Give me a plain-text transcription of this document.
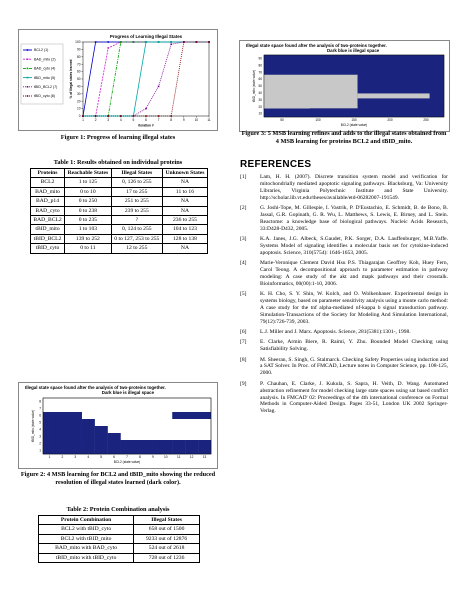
Progress of Learning Illegal States
0
10
20
30
40
50
60
70
80
90
100
1	2	3	4	5	6	7	8	9	10	11
Iteration #
% of Illegal states learned
BCL2 (1)
BAD_mito (2)
BAD_cyto (4)
tBID_mito (5)
tBID_BCL2 (7)
tBID_cyto (8)
Figure 1: Progress of learning illegal states
Table 1: Results obtained on individual proteins
Proteins	Reachable States	Illegal States	Unknown States
BCL2	1 to 125	0, 126 to 255	NA
BAD_mito	0 to 10	17 to 255	11 to 16
BAD_p14	0 to 250	251 to 255	NA
BAD_cyto	0 to 238	239 to 255	NA
BAD_BCL2	0 to 235	?	236 to 255
tBID_mito	1 to 103	0, 124 to 255	104 to 123
tBID_BCL2	139 to 252	0 to 127, 253 to 255	128 to 138
tBID_cyto	0 to 11	12 to 255	NA
Illegal state space found after the analysis of two-proteins together.
Dark blue is illegal space
1	2	3	4	5	6	7	8	9	10	11	12	13
1
2
3
4
5
6
7
8
BCL2 (state value)
tBID_mito (state value)
Figure 2: 4 MSB learning for BCL2 and tBID_mito showing the reduced resolution of illegal states learned (dark color).
Table 2: Protein Combination analysis
Protein Combination	Illegal States
BCL2 with tBID_cyto	658 out of 1500
BCL2 with tBID_mito	9233 out of 12876
BAD_mito with BAD_cyto	524 out of 2618
tBID_mito with tBID_cyto	728 out of 1236
Illegal state space found after the analysis of two-proteins together.
Dark blue is illegal space
50	100	150	200	250
10
20
30
40
50
60
70
80
90
BCL2 (state value)
tBID_mito (state value)
Figure 3: 5 MSB learning refines and adds to the illegal states obtained from 4 MSB learning for proteins BCL2 and tBID_mito.
REFERENCES
[1]	Lam, H. H. (2007). Discrete transition system model and verification for mitochondrially mediated apoptotic signaling pathways. Blacksburg, Va: University Libraries, Virginia Polytechnic Institute and State University. http://scholar.lib.vt.edu/theses/available/etd-06282007-191549.
[2]	G. Joshi-Tope, M. Gillespie, I. Vastrik, P. D'Eustachio, E. Schmidt, B. de Bono, B. Jassal, G.R. Gopinath, G. R. Wu, L. Matthews, S. Lewis, E. Birney, and L. Stein. Reactome: a knowledge base of biological pathways. Nucleic Acids Research, 33:D428-D432, 2005.
[3]	K.A. Janes, J.G. Albeck, S.Gaudet, P.K. Sorger, D.A. Lauffenburger, M.B.Yaffe. Systems Model of signaling identifies a molecular basis set for cytokine-induced apoptosis. Science, 310(5754): 1646-1653, 2005.
[4]	Marie-Veronique Clement David Hsu P.S. Thiagarajan Geoffrey Koh, Huey Fern, Carol Teong. A decompositional approach to parameter estimation in pathway modeling: A case study of the akt and mapk pathways and their crosstalk. Bioinformatics, 00(00):1-10, 2006.
[5]	K. H. Cho, S. Y. Shin, W. Kolch, and O. Wolkenhauer. Experimental design in systems biology, based on parameter sensitivity analysis using a monte carlo method: A case study for the tnf alpha-mediated nf-kappa b signal transduction pathway. Simulation-Transactions of the Society for Modeling And Simulation International, 79(12):726-739, 2003.
[6]	L.J. Miller and J. Marx. Apoptosis. Science, 281(5381):1301-, 1998.
[7]	E. Clarke, Armin Biere, R. Raimi, Y. Zhu. Bounded Model Checking using Satisfiability Solving.
[8]	M. Sheeran, S. Singh, G. Stalmarck. Checking Safety Properties using induction and a SAT Solver. In Proc. of FMCAD, Lecture notes in Computer Science, pp. 108-125, 2000.
[9]	P. Chauhan, E. Clarke, J. Kukula, S. Sapra, H. Veith, D. Wang. Automated abstraction refinement for model checking large state spaces using sat based conflict analysis. In FMCAD' 02: Proceedings of the 4th international conference on Formal Methods in Computer-Aided Design. Pages 33-51, London UK 2002 Springer-Verlag.
